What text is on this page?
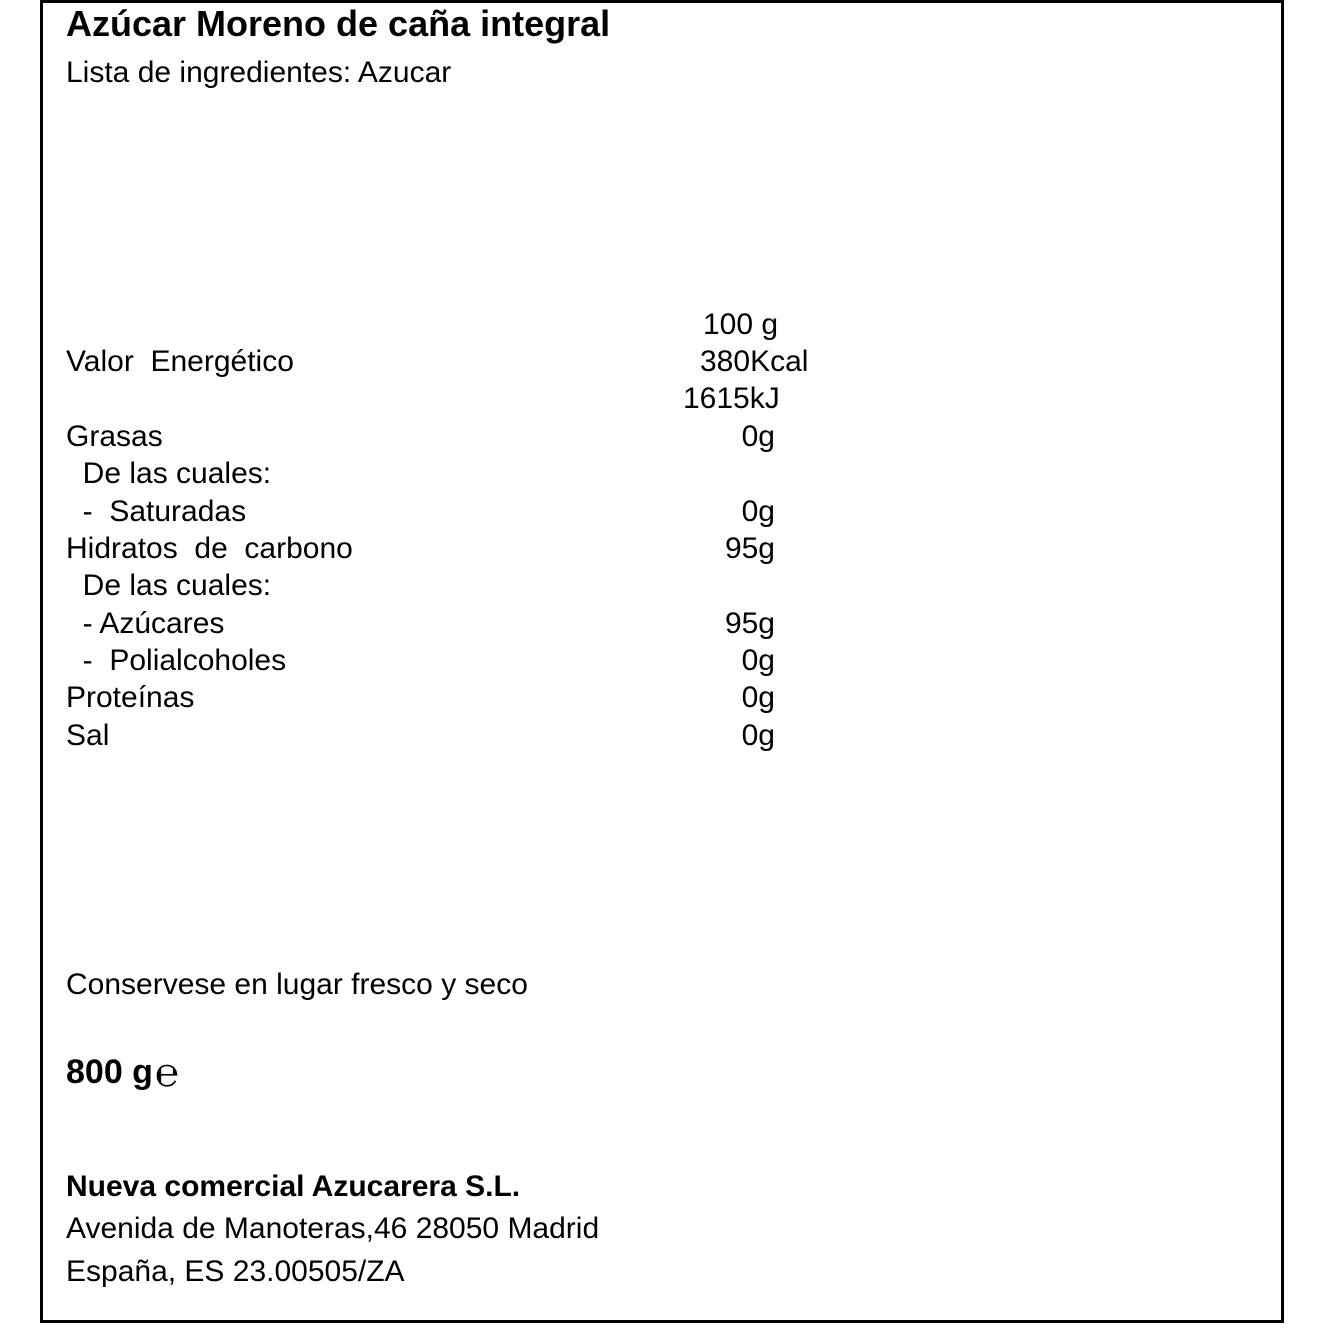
Azúcar Moreno de caña integral
Lista de ingredientes: Azucar
100 g
Valor  Energético	380Kcal
1615kJ
Grasas	0g
De las cuales:
-  Saturadas	0g
Hidratos  de  carbono	95g
De las cuales:
- Azúcares	95g
-  Polialcoholes	0g
Proteínas	0g
Sal	0g
Conservese en lugar fresco y seco
800 g℮
Nueva comercial Azucarera S.L.
Avenida de Manoteras,46 28050 Madrid
España, ES 23.00505/ZA
